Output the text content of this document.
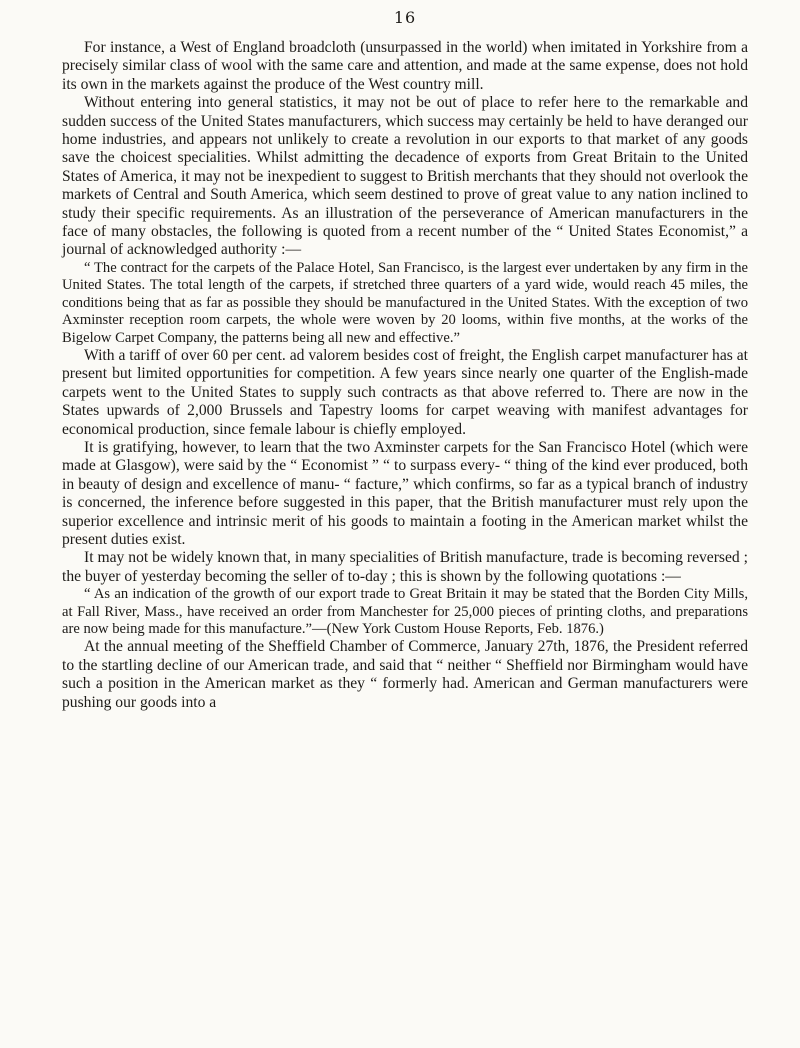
16

For instance, a West of England broadcloth (unsurpassed in the world) when imitated in Yorkshire from a precisely similar class of wool with the same care and attention, and made at the same expense, does not hold its own in the markets against the produce of the West country mill.

Without entering into general statistics, it may not be out of place to refer here to the remarkable and sudden success of the United States manufacturers, which success may certainly be held to have deranged our home industries, and appears not unlikely to create a revolution in our exports to that market of any goods save the choicest specialities. Whilst admitting the decadence of exports from Great Britain to the United States of America, it may not be inexpedient to suggest to British merchants that they should not overlook the markets of Central and South America, which seem destined to prove of great value to any nation inclined to study their specific requirements. As an illustration of the perseverance of American manufacturers in the face of many obstacles, the following is quoted from a recent number of the “ United States Economist,” a journal of acknowledged authority :—

“ The contract for the carpets of the Palace Hotel, San Francisco, is the largest ever undertaken by any firm in the United States. The total length of the carpets, if stretched three quarters of a yard wide, would reach 45 miles, the conditions being that as far as possible they should be manufactured in the United States. With the exception of two Axminster reception room carpets, the whole were woven by 20 looms, within five months, at the works of the Bigelow Carpet Company, the patterns being all new and effective.”

With a tariff of over 60 per cent. ad valorem besides cost of freight, the English carpet manufacturer has at present but limited opportunities for competition. A few years since nearly one quarter of the English-made carpets went to the United States to supply such contracts as that above referred to. There are now in the States upwards of 2,000 Brussels and Tapestry looms for carpet weaving with manifest advantages for economical production, since female labour is chiefly employed.

It is gratifying, however, to learn that the two Axminster carpets for the San Francisco Hotel (which were made at Glasgow), were said by the “ Economist ” “ to surpass every- “ thing of the kind ever produced, both in beauty of design and excellence of manu- “ facture,” which confirms, so far as a typical branch of industry is concerned, the inference before suggested in this paper, that the British manufacturer must rely upon the superior excellence and intrinsic merit of his goods to maintain a footing in the American market whilst the present duties exist.

It may not be widely known that, in many specialities of British manufacture, trade is becoming reversed ; the buyer of yesterday becoming the seller of to-day ; this is shown by the following quotations :—

“ As an indication of the growth of our export trade to Great Britain it may be stated that the Borden City Mills, at Fall River, Mass., have received an order from Manchester for 25,000 pieces of printing cloths, and preparations are now being made for this manufacture.”—(New York Custom House Reports, Feb. 1876.)

At the annual meeting of the Sheffield Chamber of Commerce, January 27th, 1876, the President referred to the startling decline of our American trade, and said that “ neither “ Sheffield nor Birmingham would have such a position in the American market as they “ formerly had. American and German manufacturers were pushing our goods into a
